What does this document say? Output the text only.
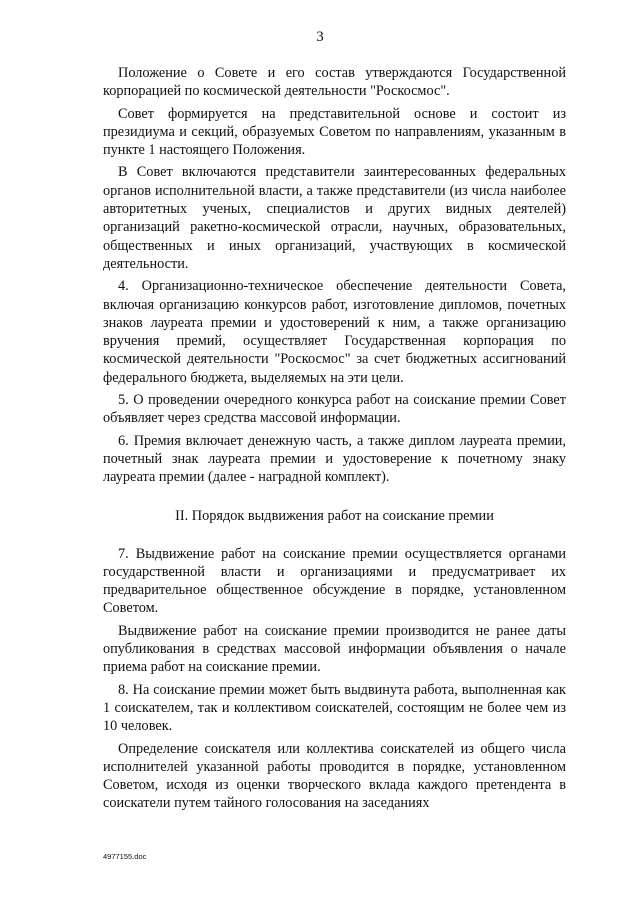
3

Положение о Совете и его состав утверждаются Государственной корпорацией по космической деятельности "Роскосмос".

Совет формируется на представительной основе и состоит из президиума и секций, образуемых Советом по направлениям, указанным в пункте 1 настоящего Положения.

В Совет включаются представители заинтересованных федеральных органов исполнительной власти, а также представители (из числа наиболее авторитетных ученых, специалистов и других видных деятелей) организаций ракетно-космической отрасли, научных, образовательных, общественных и иных организаций, участвующих в космической деятельности.

4. Организационно-техническое обеспечение деятельности Совета, включая организацию конкурсов работ, изготовление дипломов, почетных знаков лауреата премии и удостоверений к ним, а также организацию вручения премий, осуществляет Государственная корпорация по космической деятельности "Роскосмос" за счет бюджетных ассигнований федерального бюджета, выделяемых на эти цели.

5. О проведении очередного конкурса работ на соискание премии Совет объявляет через средства массовой информации.

6. Премия включает денежную часть, а также диплом лауреата премии, почетный знак лауреата премии и удостоверение к почетному знаку лауреата премии (далее - наградной комплект).

II. Порядок выдвижения работ на соискание премии

7. Выдвижение работ на соискание премии осуществляется органами государственной власти и организациями и предусматривает их предварительное общественное обсуждение в порядке, установленном Советом.

Выдвижение работ на соискание премии производится не ранее даты опубликования в средствах массовой информации объявления о начале приема работ на соискание премии.

8. На соискание премии может быть выдвинута работа, выполненная как 1 соискателем, так и коллективом соискателей, состоящим не более чем из 10 человек.

Определение соискателя или коллектива соискателей из общего числа исполнителей указанной работы проводится в порядке, установленном Советом, исходя из оценки творческого вклада каждого претендента в соискатели путем тайного голосования на заседаниях

4977155.doc
